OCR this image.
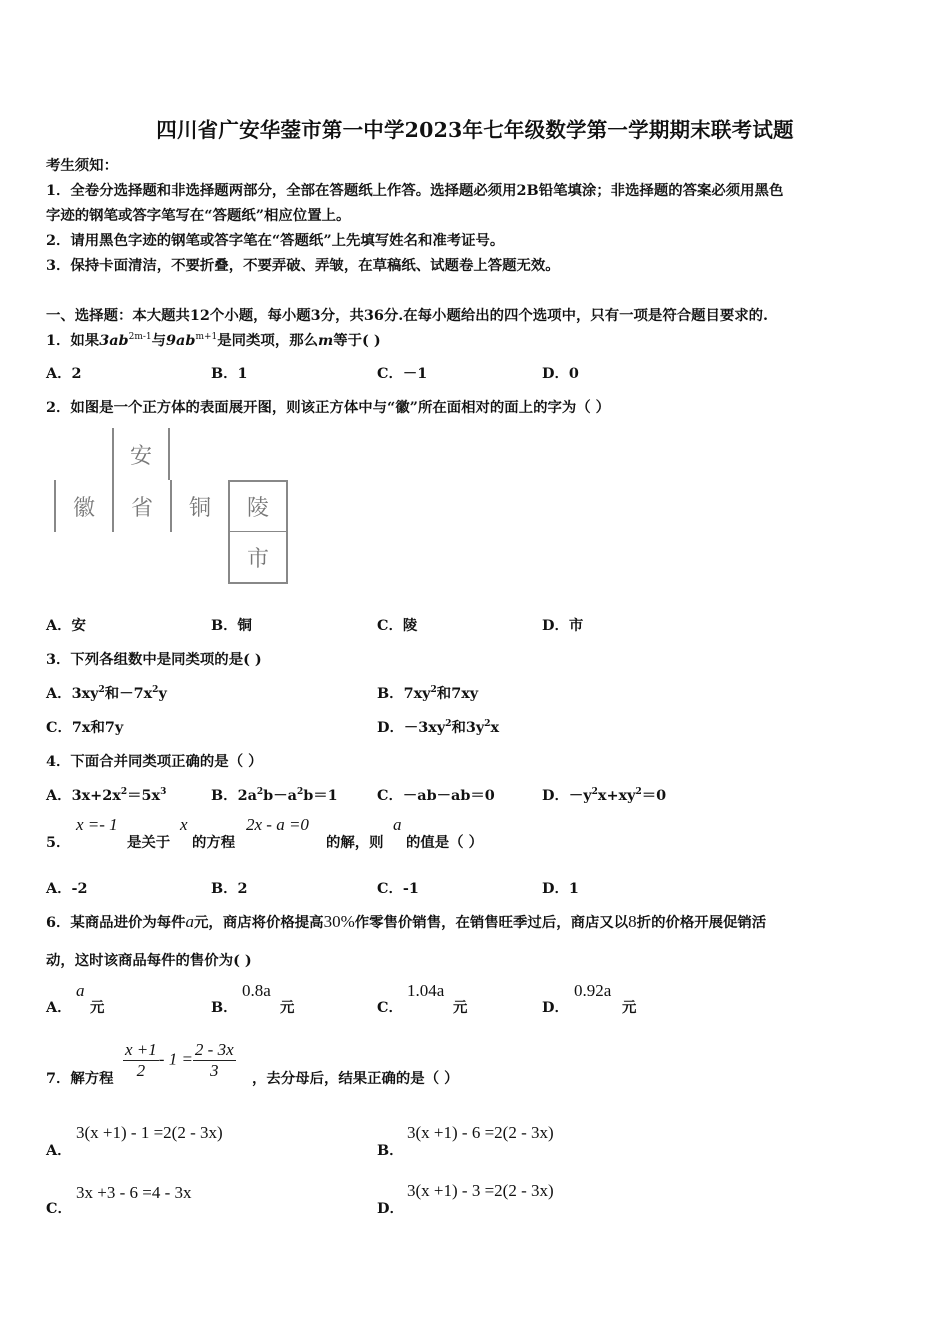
四川省广安华蓥市第一中学2023年七年级数学第一学期期末联考试题
考生须知：
1．全卷分选择题和非选择题两部分，全部在答题纸上作答。选择题必须用2B铅笔填涂；非选择题的答案必须用黑色
字迹的钢笔或答字笔写在“答题纸”相应位置上。
2．请用黑色字迹的钢笔或答字笔在“答题纸”上先填写姓名和准考证号。
3．保持卡面清洁，不要折叠，不要弄破、弄皱，在草稿纸、试题卷上答题无效。
一、选择题：本大题共12个小题，每小题3分，共36分.在每小题给出的四个选项中，只有一项是符合题目要求的.
1．如果$3ab^{2m-1}$与$9ab^{m+1}$是同类项，那么m等于( )
A．2	B．1	C．－1	D．0
2．如图是一个正方体的表面展开图，则该正方体中与“徽”所在面相对的面上的字为（ ）
安
徽	省	铜	陵
市
A．安	B．铜	C．陵	D．市
3．下列各组数中是同类项的是( )
A．$3xy^2$和$-7x^2y$	B．$7xy^2$和7xy
C．7x和7y	D．$-3xy^2$和$3y^2x$
4．下面合并同类项正确的是（ ）
A．$3x+2x^2=5x^3$	B．$2a^2b-a^2b=1$	C．－ab－ab＝0	D．$-y^2x+xy^2=0$
5．
x =- 1
是关于
x
的方程
2x - a =0
的解，则
a
的值是（ ）
A．-2	B．2	C．-1	D．1
6．某商品进价为每件a元，商店将价格提高30%作零售价销售，在销售旺季过后，商店又以8折的价格开展促销活
动，这时该商品每件的售价为( )
A．
a
元	B．
0.8a
元	C．
1.04a
元	D．
0.92a
元
7．解方程 $\frac{x +1}{2} - 1 = \frac{2 - 3x}{3}$ ，去分母后，结果正确的是（ ）
A．
3(x +1) - 1 =2(2 - 3x)
B．
3(x +1) - 6 =2(2 - 3x)
C．
3x +3 - 6 =4 - 3x
D．
3(x +1) - 3 =2(2 - 3x)
